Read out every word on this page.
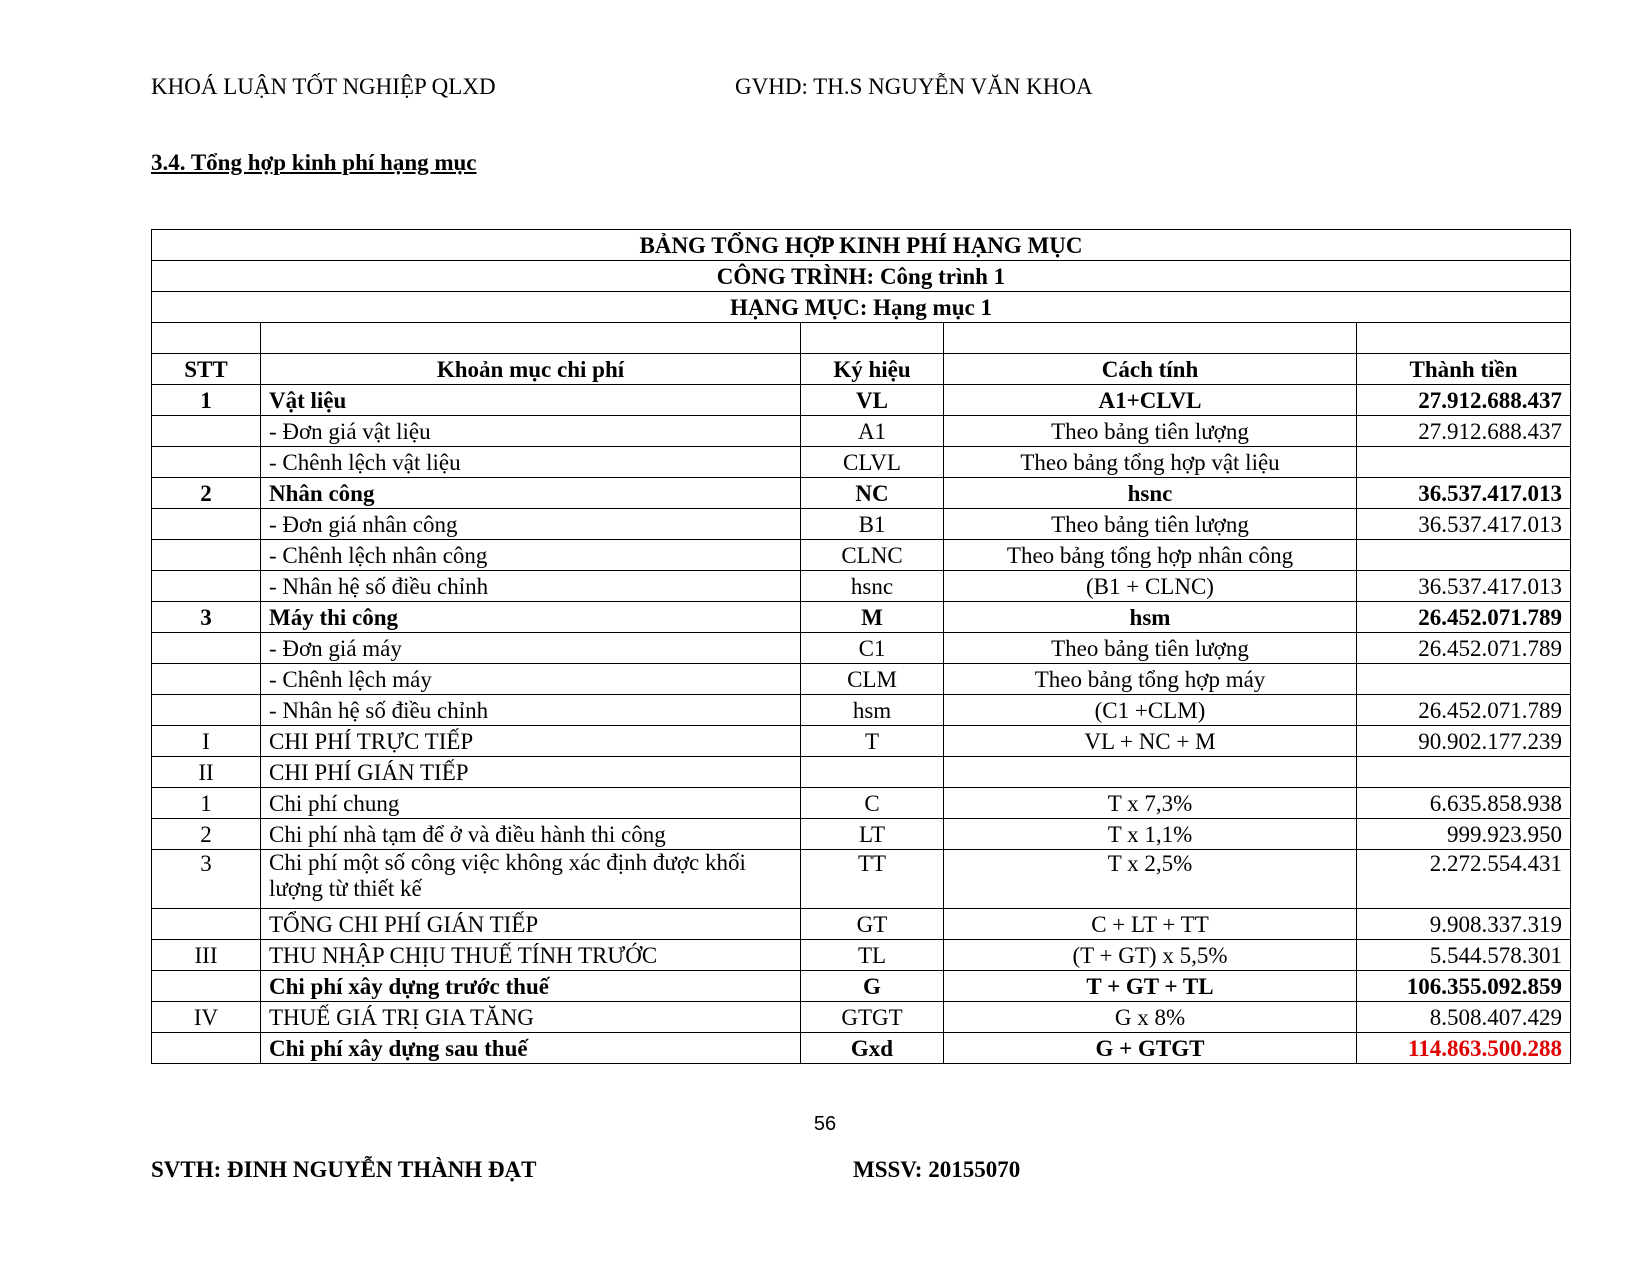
KHOÁ LUẬN TỐT NGHIỆP QLXD	GVHD: TH.S NGUYỄN VĂN KHOA
3.4. Tổng hợp kinh phí hạng mục
BẢNG TỔNG HỢP KINH PHÍ HẠNG MỤC				
CÔNG TRÌNH: Công trình 1				
HẠNG MỤC: Hạng mục 1				

STT	Khoản mục chi phí	Ký hiệu	Cách tính	Thành tiền
1	Vật liệu	VL	A1+CLVL	27.912.688.437
	- Đơn giá vật liệu	A1	Theo bảng tiên lượng	27.912.688.437
	- Chênh lệch vật liệu	CLVL	Theo bảng tổng hợp vật liệu	
2	Nhân công	NC	hsnc	36.537.417.013
	- Đơn giá nhân công	B1	Theo bảng tiên lượng	36.537.417.013
	- Chênh lệch nhân công	CLNC	Theo bảng tổng hợp nhân công	
	- Nhân hệ số điều chỉnh	hsnc	(B1 + CLNC)	36.537.417.013
3	Máy thi công	M	hsm	26.452.071.789
	- Đơn giá máy	C1	Theo bảng tiên lượng	26.452.071.789
	- Chênh lệch máy	CLM	Theo bảng tổng hợp máy	
	- Nhân hệ số điều chỉnh	hsm	(C1 +CLM)	26.452.071.789
I	CHI PHÍ TRỰC TIẾP	T	VL + NC + M	90.902.177.239
II	CHI PHÍ GIÁN TIẾP			
1	Chi phí chung	C	T x 7,3%	6.635.858.938
2	Chi phí nhà tạm để ở và điều hành thi công	LT	T x 1,1%	999.923.950
3	Chi phí một số công việc không xác định được khối lượng từ thiết kế	TT	T x 2,5%	2.272.554.431
	TỔNG CHI PHÍ GIÁN TIẾP	GT	C + LT + TT	9.908.337.319
III	THU NHẬP CHỊU THUẾ TÍNH TRƯỚC	TL	(T + GT) x 5,5%	5.544.578.301
	Chi phí xây dựng trước thuế	G	T + GT + TL	106.355.092.859
IV	THUẾ GIÁ TRỊ GIA TĂNG	GTGT	G x 8%	8.508.407.429
	Chi phí xây dựng sau thuế	Gxd	G + GTGT	114.863.500.288
56
SVTH: ĐINH NGUYỄN THÀNH ĐẠT	MSSV: 20155070
